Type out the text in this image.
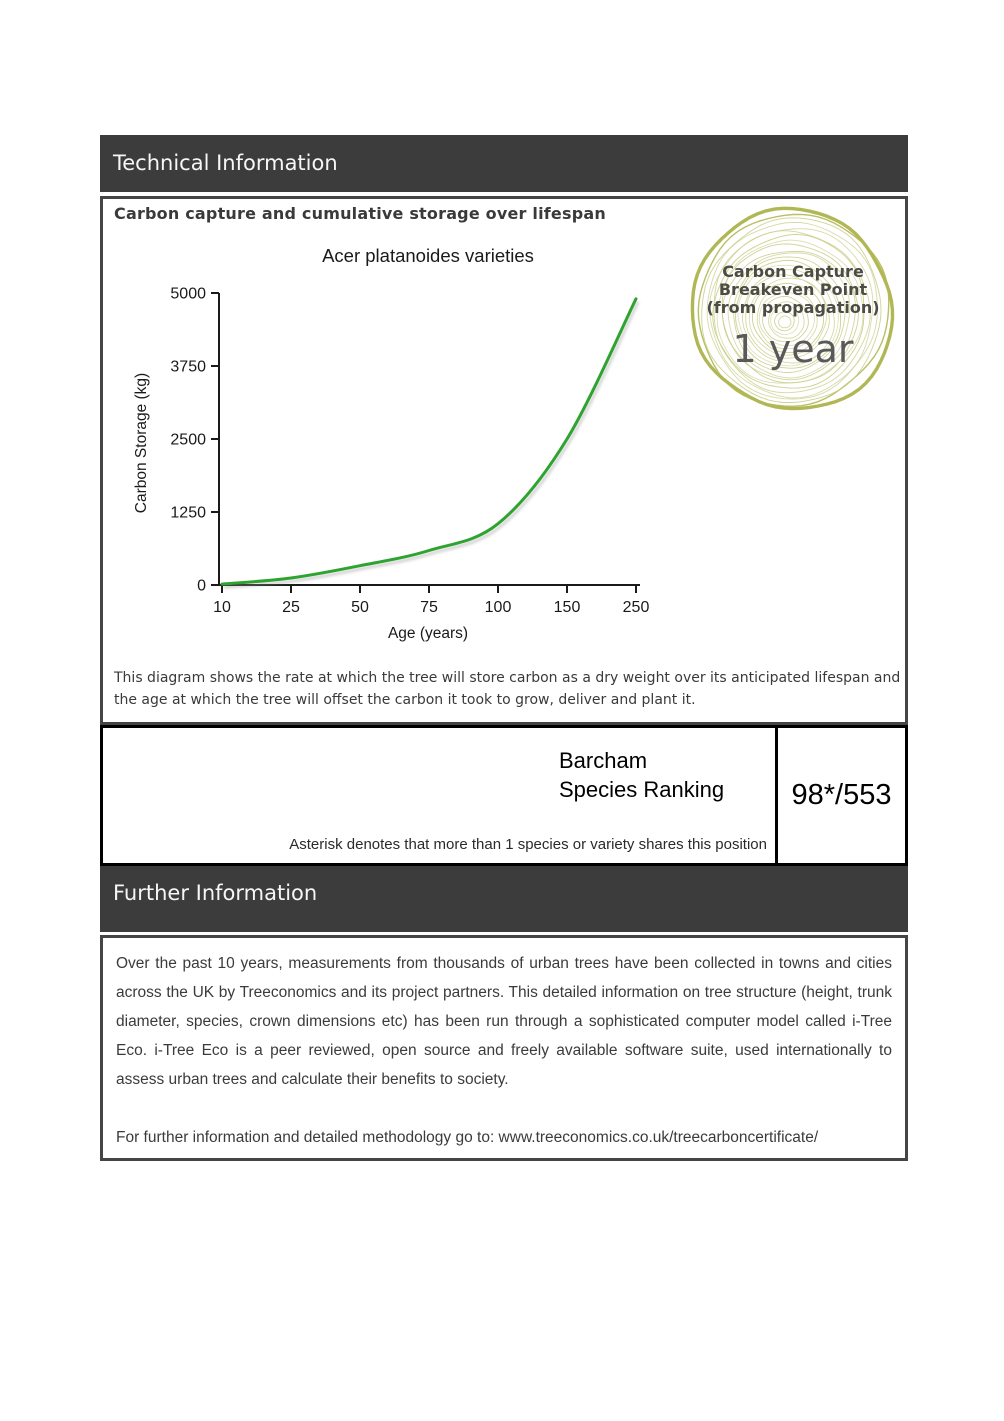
Technical Information
Carbon capture and cumulative storage over lifespan
Acer platanoides varieties
Age (years)
Carbon Storage (kg)
0
1250
2500
3750
5000
10	25	50	75	100	150	250
Carbon Capture
Breakeven Point
(from propagation)
1 year
This diagram shows the rate at which the tree will store carbon as a dry weight over its anticipated lifespan and the age at which the tree will offset the carbon it took to grow, deliver and plant it.
Barcham
Species Ranking
Asterisk denotes that more than 1 species or variety shares this position
98*/553
Further Information
Over the past 10 years, measurements from thousands of urban trees have been collected in towns and cities across the UK by Treeconomics and its project partners. This detailed information on tree structure (height, trunk diameter, species, crown dimensions etc) has been run through a sophisticated computer model called i-Tree Eco. i-Tree Eco is a peer reviewed, open source and freely available software suite, used internationally to assess urban trees and calculate their benefits to society.
For further information and detailed methodology go to: www.treeconomics.co.uk/treecarboncertificate/
